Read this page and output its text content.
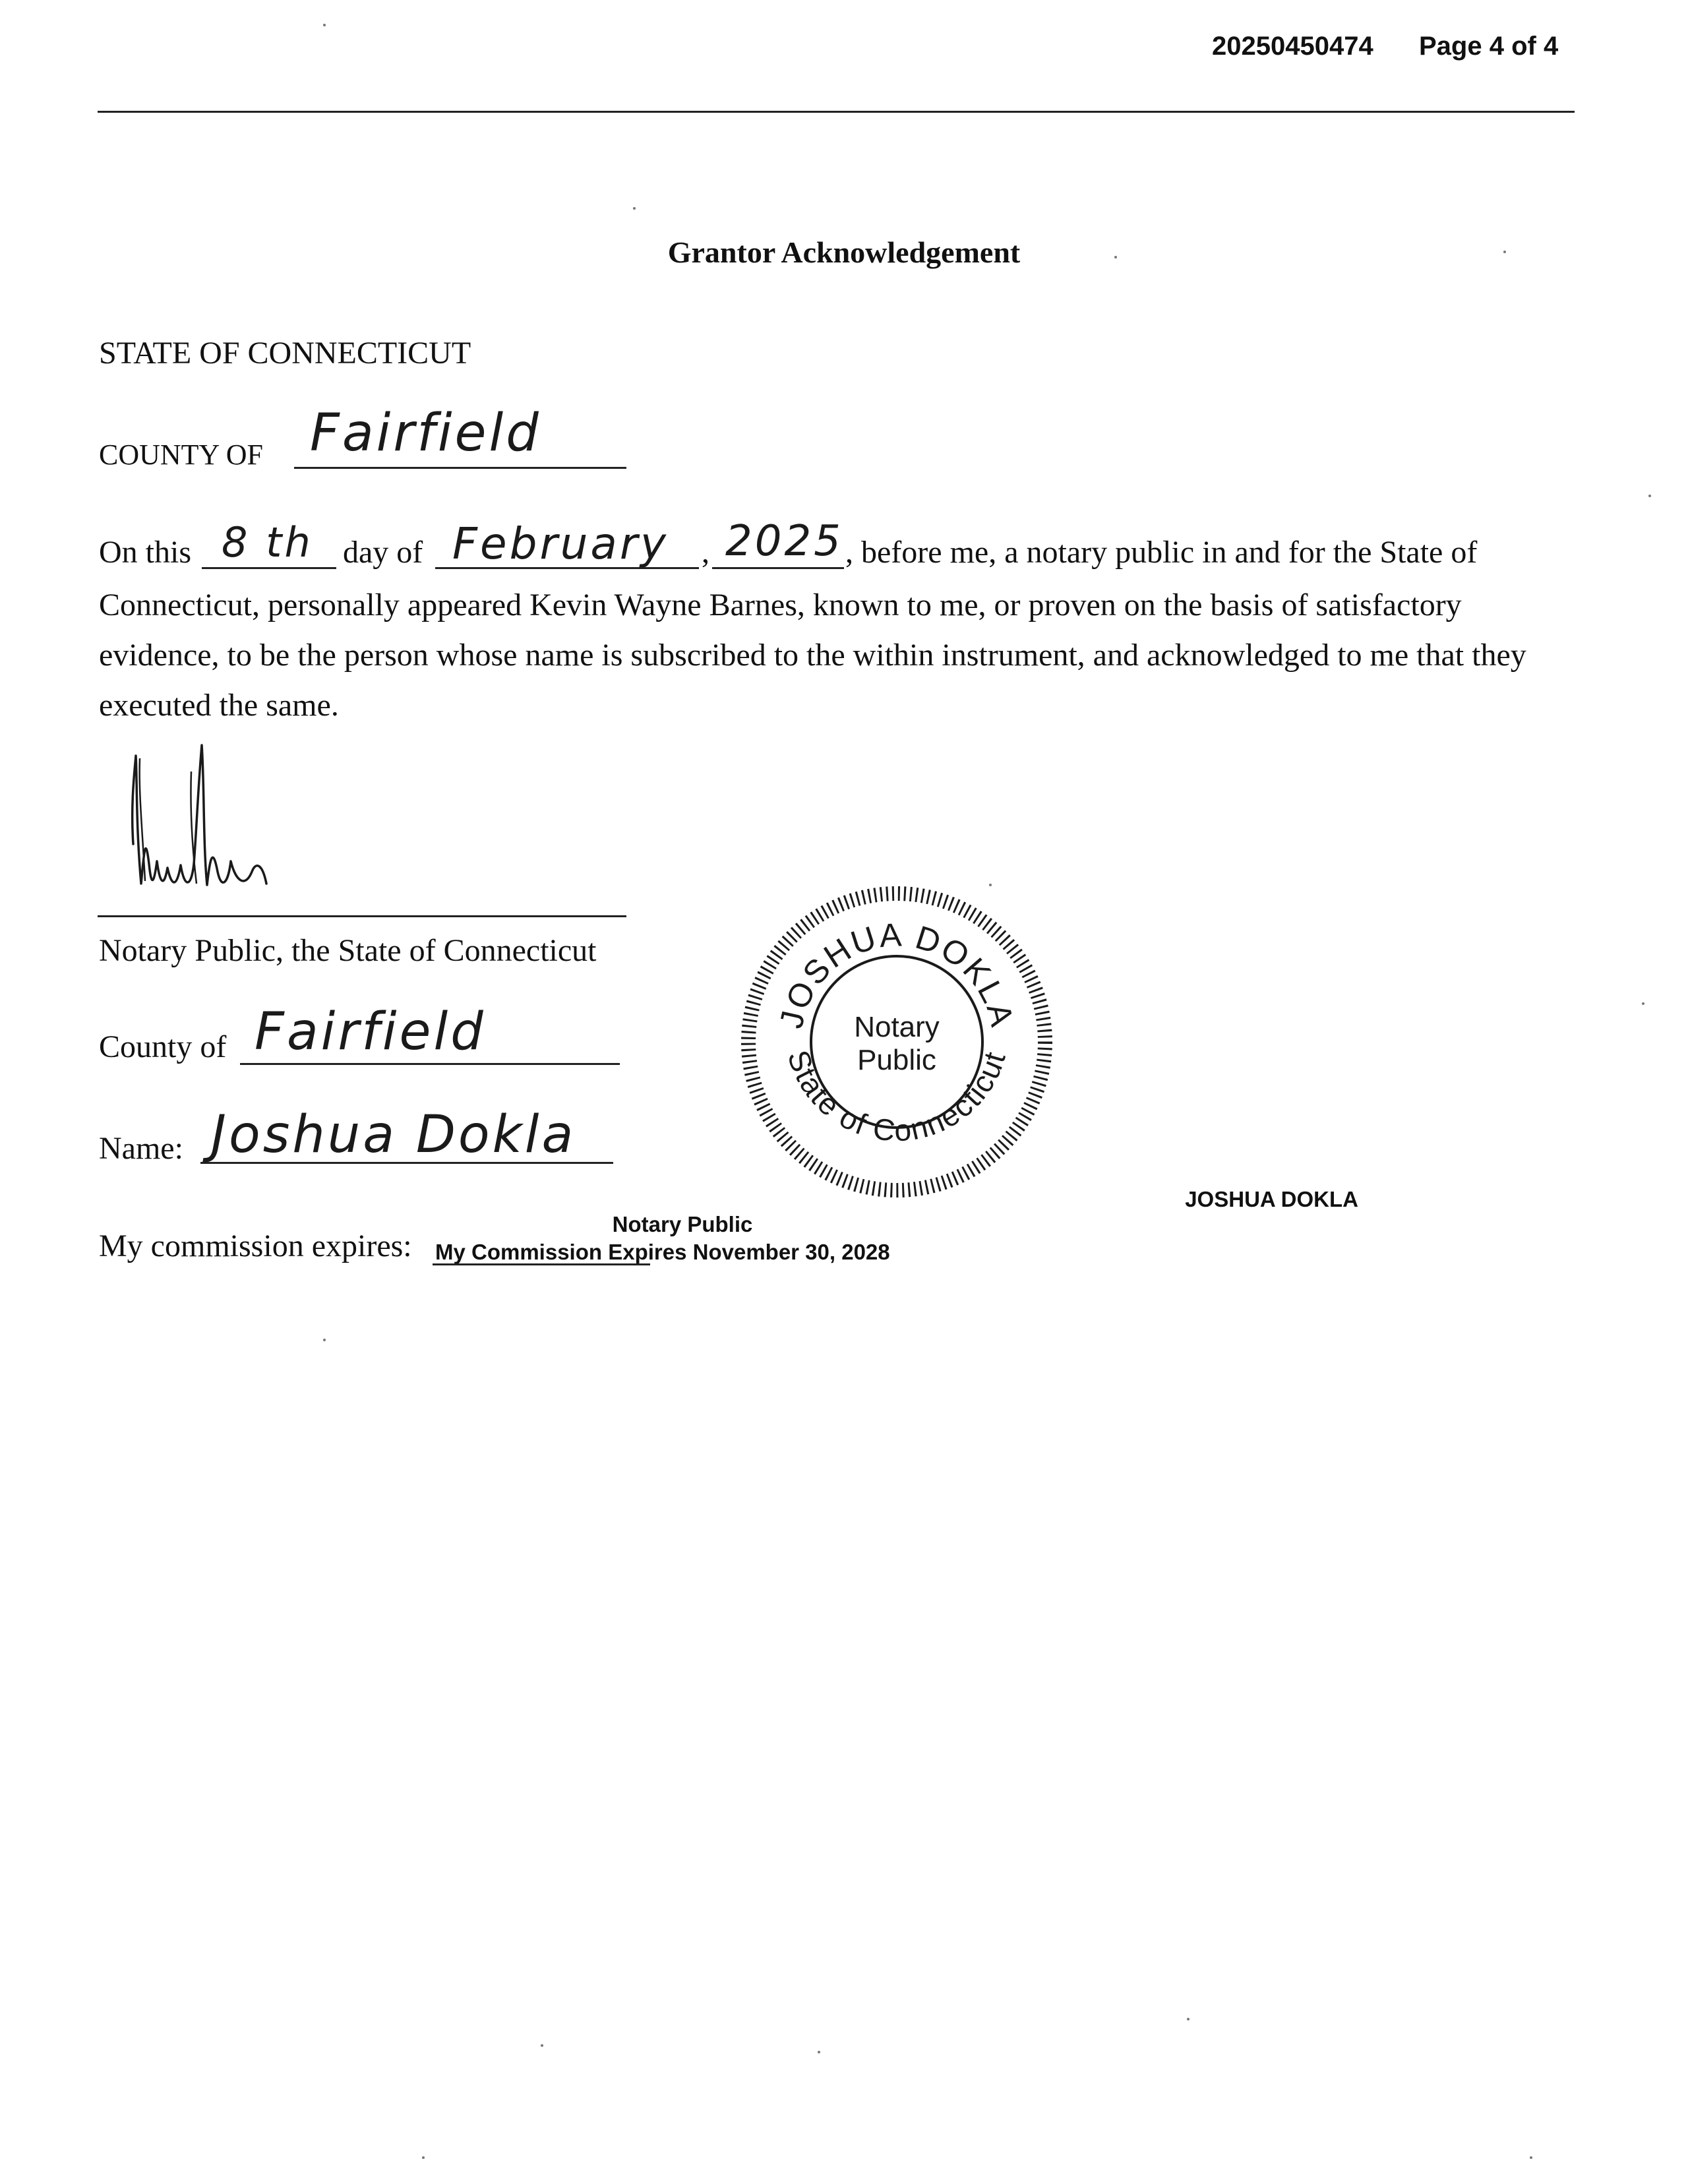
20250450474 Page 4 of 4
Grantor Acknowledgement
STATE OF CONNECTICUT
COUNTY OF Fairfield
On this 8 th day of February , 2025 , before me, a notary public in and for the State of
Connecticut, personally appeared Kevin Wayne Barnes, known to me, or proven on the basis of satisfactory evidence, to be the person whose name is subscribed to the within instrument, and acknowledged to me that they executed the same.
Notary Public, the State of Connecticut
County of Fairfield
Name: Joshua Dokla
My commission expires:
JOSHUA DOKLA
State of Connecticut
Notary
Public
JOSHUA DOKLA
Notary Public
My Commission Expires November 30, 2028
